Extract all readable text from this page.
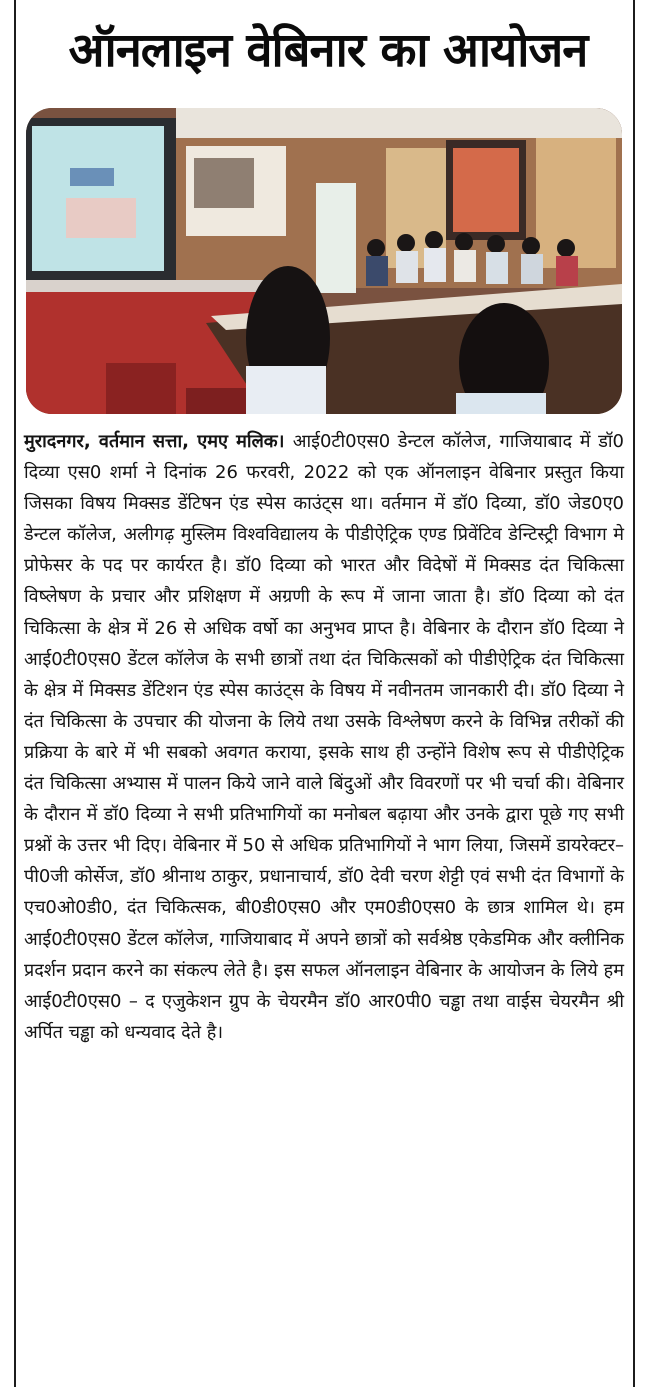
ऑनलाइन वेबिनार का आयोजन
मुरादनगर, वर्तमान सत्ता, एमए मलिक। आई0टी0एस0 डेन्टल कॉलेज, गाजियाबाद में डॉ0 दिव्या एस0 शर्मा ने दिनांक 26 फरवरी, 2022 को एक ऑनलाइन वेबिनार प्रस्तुत किया जिसका विषय मिक्सड डेंटिषन एंड स्पेस काउंट्स था। वर्तमान में डॉ0 दिव्या, डॉ0 जेड0ए0 डेन्टल कॉलेज, अलीगढ़ मुस्लिम विश्वविद्यालय के पीडीऐट्रिक एण्ड प्रिवेंटिव डेन्टिस्ट्री विभाग मे प्रोफेसर के पद पर कार्यरत है। डॉ0 दिव्या को भारत और विदेषों में मिक्सड दंत चिकित्सा विष्लेषण के प्रचार और प्रशिक्षण में अग्रणी के रूप में जाना जाता है। डॉ0 दिव्या को दंत चिकित्सा के क्षेत्र में 26 से अधिक वर्षो का अनुभव प्राप्त है। वेबिनार के दौरान डॉ0 दिव्या ने आई0टी0एस0 डेंटल कॉलेज के सभी छात्रों तथा दंत चिकित्सकों को पीडीऐट्रिक दंत चिकित्सा के क्षेत्र में मिक्सड डेंटिशन एंड स्पेस काउंट्स के विषय में नवीनतम जानकारी दी। डॉ0 दिव्या ने दंत चिकित्सा के उपचार की योजना के लिये तथा उसके विश्लेषण करने के विभिन्न तरीकों की प्रक्रिया के बारे में भी सबको अवगत कराया, इसके साथ ही उन्होंने विशेष रूप से पीडीऐट्रिक दंत चिकित्सा अभ्यास में पालन किये जाने वाले बिंदुओं और विवरणों पर भी चर्चा की। वेबिनार के दौरान में डॉ0 दिव्या ने सभी प्रतिभागियों का मनोबल बढ़ाया और उनके द्वारा पूछे गए सभी प्रश्नों के उत्तर भी दिए। वेबिनार में 50 से अधिक प्रतिभागियों ने भाग लिया, जिसमें डायरेक्टर–पी0जी कोर्सेज, डॉ0 श्रीनाथ ठाकुर, प्रधानाचार्य, डॉ0 देवी चरण शेट्टी एवं सभी दंत विभागों के एच0ओ0डी0, दंत चिकित्सक, बी0डी0एस0 और एम0डी0एस0 के छात्र शामिल थे। हम आई0टी0एस0 डेंटल कॉलेज, गाजियाबाद में अपने छात्रों को सर्वश्रेष्ठ एकेडमिक और क्लीनिक प्रदर्शन प्रदान करने का संकल्प लेते है। इस सफल ऑनलाइन वेबिनार के आयोजन के लिये हम आई0टी0एस0 – द एजुकेशन ग्रुप के चेयरमैन डॉ0 आर0पी0 चड्ढा तथा वाईस चेयरमैन श्री अर्पित चड्ढा को धन्यवाद देते है।
